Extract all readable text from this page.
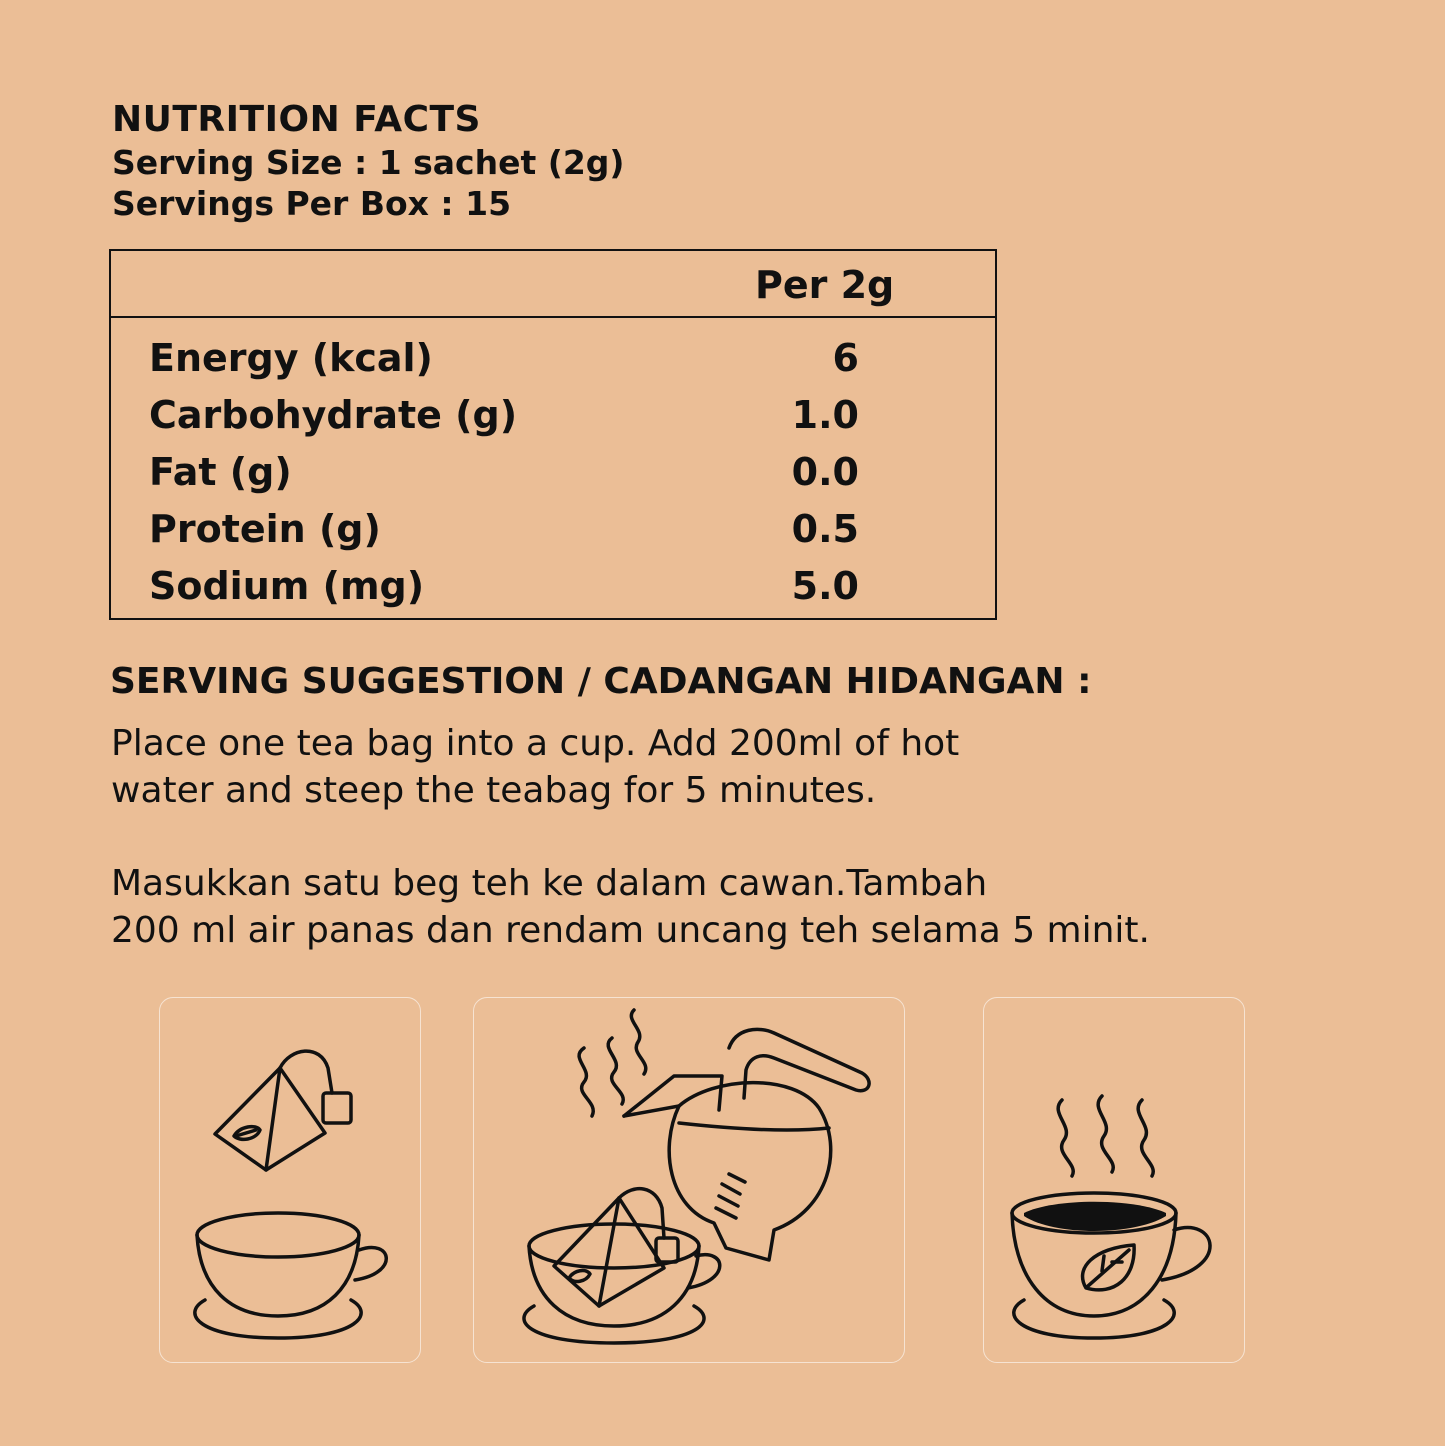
NUTRITION FACTS

Serving Size : 1 sachet (2g)

Servings Per Box : 15

Per 2g
Energy (kcal)	6
Carbohydrate (g)	1.0
Fat (g)	0.0
Protein (g)	0.5
Sodium (mg)	5.0
SERVING SUGGESTION / CADANGAN HIDANGAN :

Place one tea bag into a cup. Add 200ml of hot

water and steep the teabag for 5 minutes.

Masukkan satu beg teh ke dalam cawan.Tambah

200 ml air panas dan rendam uncang teh selama 5 minit.
